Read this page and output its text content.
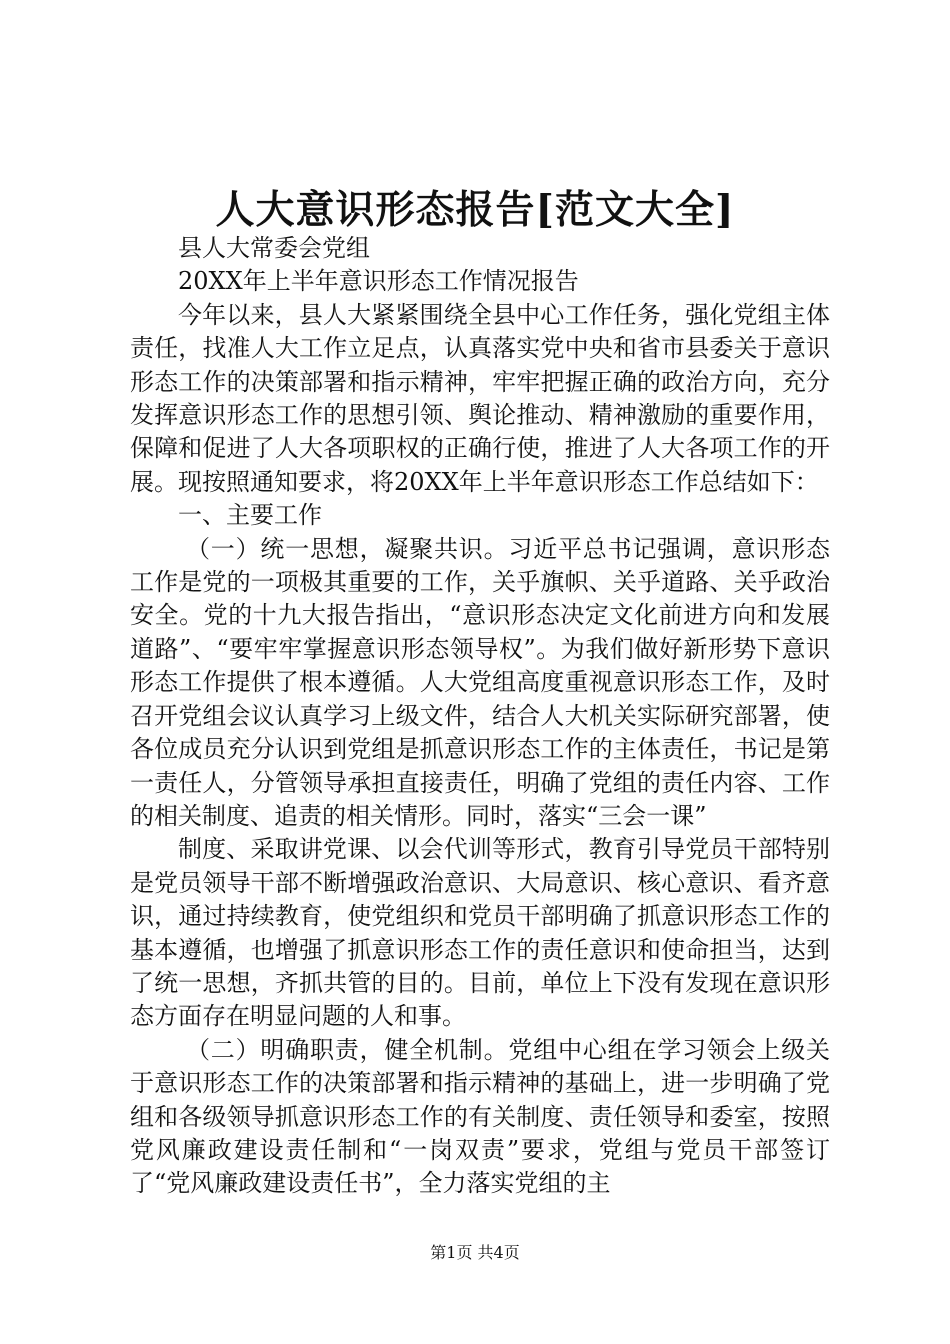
人大意识形态报告[范文大全]

县人大常委会党组

20XX年上半年意识形态工作情况报告

今年以来，县人大紧紧围绕全县中心工作任务，强化党组主体责任，找准人大工作立足点，认真落实党中央和省市县委关于意识形态工作的决策部署和指示精神，牢牢把握正确的政治方向，充分发挥意识形态工作的思想引领、舆论推动、精神激励的重要作用，保障和促进了人大各项职权的正确行使，推进了人大各项工作的开展。现按照通知要求，将20XX年上半年意识形态工作总结如下：

一、主要工作

（一）统一思想，凝聚共识。习近平总书记强调，意识形态工作是党的一项极其重要的工作，关乎旗帜、关乎道路、关乎政治安全。党的十九大报告指出，“意识形态决定文化前进方向和发展道路”、“要牢牢掌握意识形态领导权”。为我们做好新形势下意识形态工作提供了根本遵循。人大党组高度重视意识形态工作，及时召开党组会议认真学习上级文件，结合人大机关实际研究部署，使各位成员充分认识到党组是抓意识形态工作的主体责任，书记是第一责任人，分管领导承担直接责任，明确了党组的责任内容、工作的相关制度、追责的相关情形。同时，落实“三会一课”

制度、采取讲党课、以会代训等形式，教育引导党员干部特别是党员领导干部不断增强政治意识、大局意识、核心意识、看齐意识，通过持续教育，使党组织和党员干部明确了抓意识形态工作的基本遵循，也增强了抓意识形态工作的责任意识和使命担当，达到了统一思想，齐抓共管的目的。目前，单位上下没有发现在意识形态方面存在明显问题的人和事。

（二）明确职责，健全机制。党组中心组在学习领会上级关于意识形态工作的决策部署和指示精神的基础上，进一步明确了党组和各级领导抓意识形态工作的有关制度、责任领导和委室，按照党风廉政建设责任制和“一岗双责”要求，党组与党员干部签订了“党风廉政建设责任书”，全力落实党组的主

第1页 共4页
